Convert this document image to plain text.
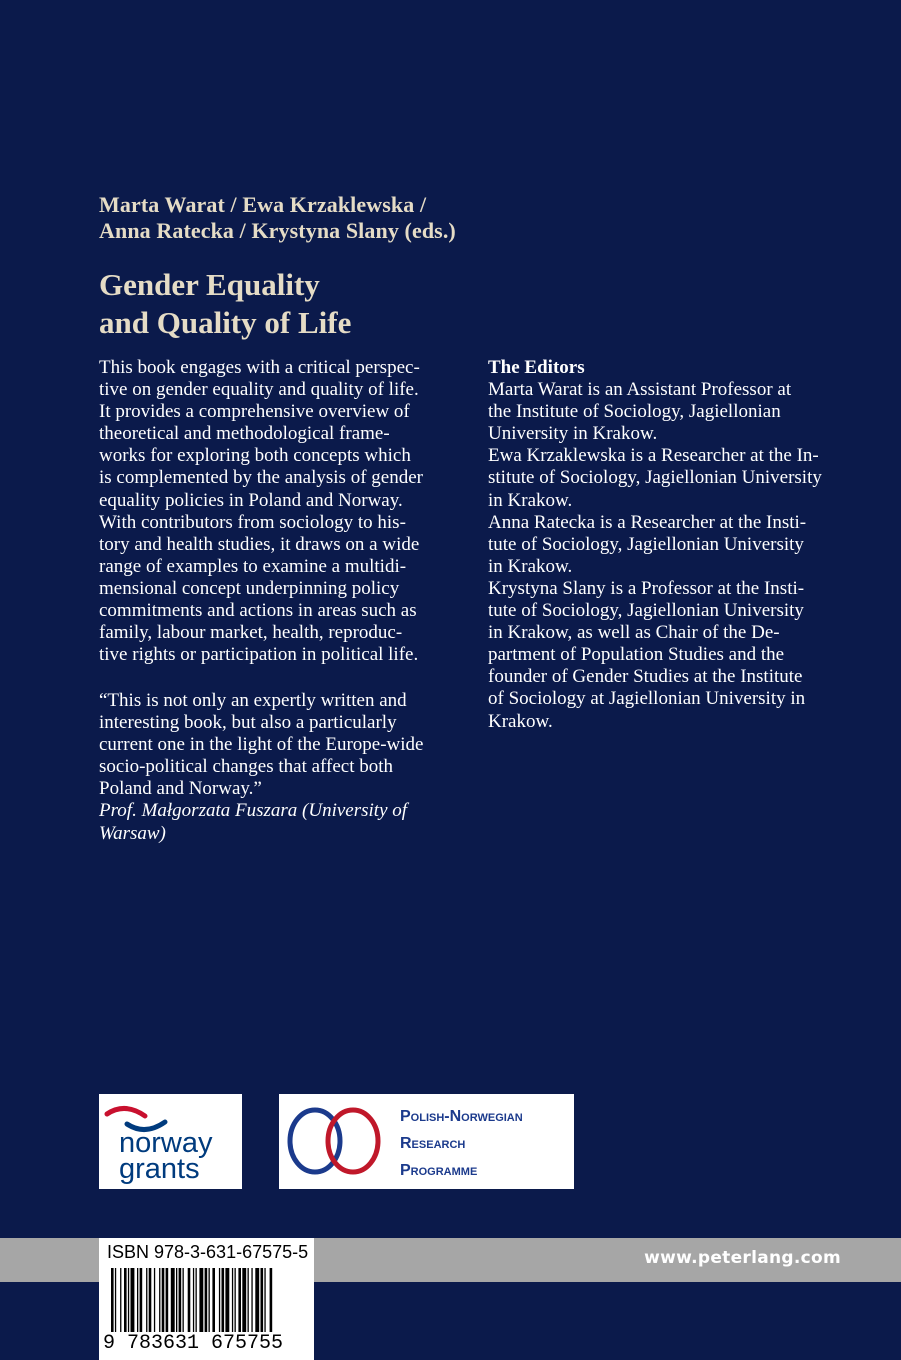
Marta Warat / Ewa Krzaklewska /
Anna Ratecka / Krystyna Slany (eds.)
Gender Equality
and Quality of Life
This book engages with a critical perspec-
tive on gender equality and quality of life.
It provides a comprehensive overview of
theoretical and methodological frame-
works for exploring both concepts which
is complemented by the analysis of gender
equality policies in Poland and Norway.
With contributors from sociology to his-
tory and health studies, it draws on a wide
range of examples to examine a multidi-
mensional concept underpinning policy
commitments and actions in areas such as
family, labour market, health, reproduc-
tive rights or participation in political life.
“This is not only an expertly written and
interesting book, but also a particularly
current one in the light of the Europe-wide
socio-political changes that affect both
Poland and Norway.”
Prof. Małgorzata Fuszara (University of
Warsaw)
The Editors
Marta Warat is an Assistant Professor at
the Institute of Sociology, Jagiellonian
University in Krakow.
Ewa Krzaklewska is a Researcher at the In-
stitute of Sociology, Jagiellonian University
in Krakow.
Anna Ratecka is a Researcher at the Insti-
tute of Sociology, Jagiellonian University
in Krakow.
Krystyna Slany is a Professor at the Insti-
tute of Sociology, Jagiellonian University
in Krakow, as well as Chair of the De-
partment of Population Studies and the
founder of Gender Studies at the Institute
of Sociology at Jagiellonian University in
Krakow.
norway
grants
Polish-Norwegian
Research
Programme
www.peterlang.com
ISBN 978-3-631-67575-5
9 783631 675755
